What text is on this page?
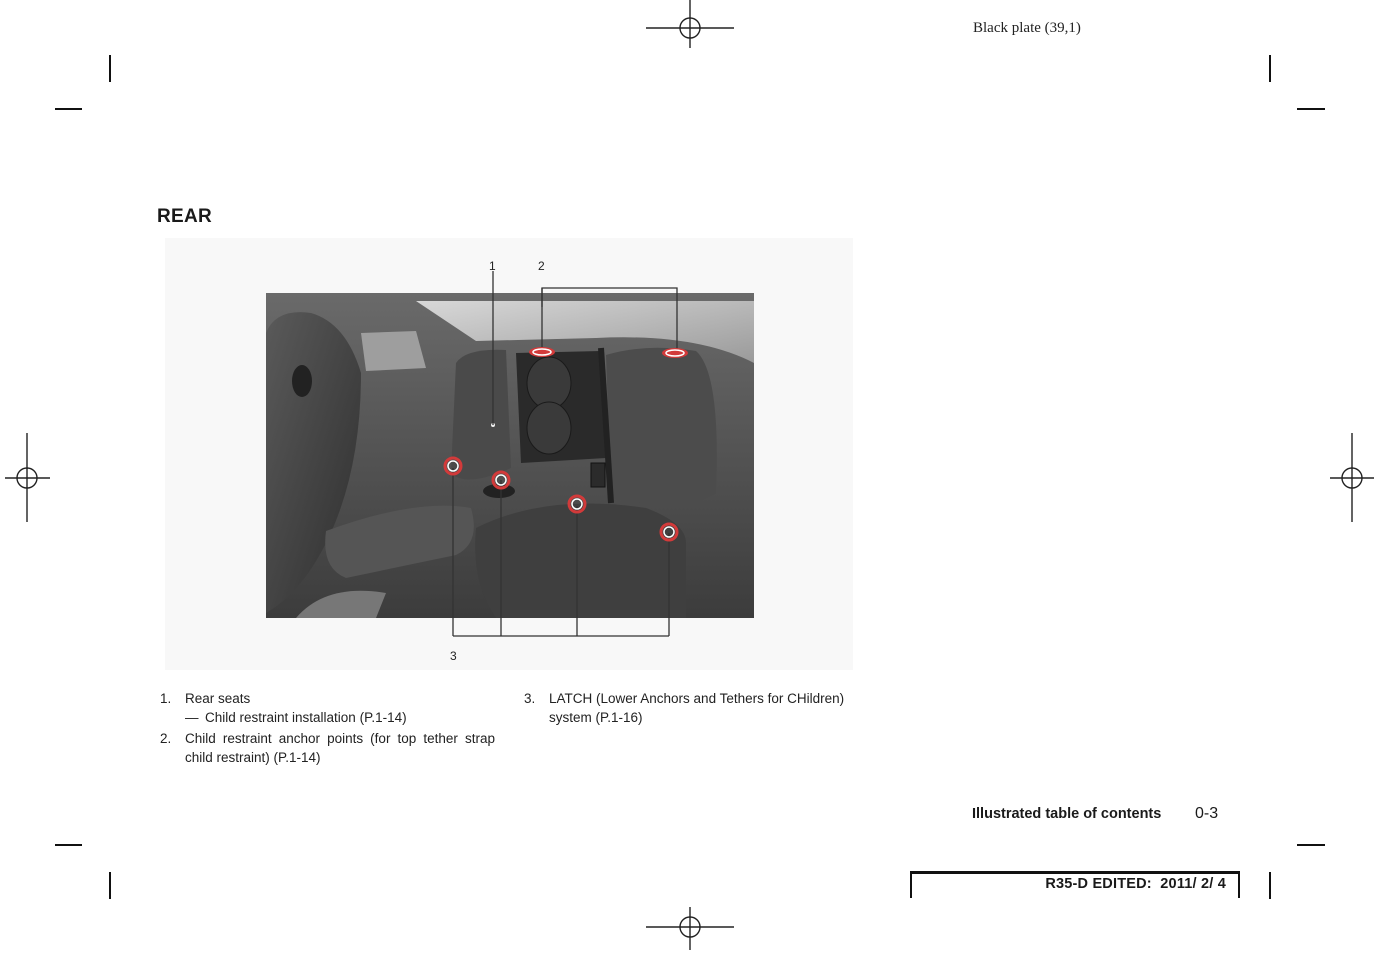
Black plate (39,1)
REAR
1	2
3
1. Rear seats
— Child restraint installation (P.1-14)
2. Child restraint anchor points (for top tether strap
child restraint) (P.1-14)
3. LATCH (Lower Anchors and Tethers for CHildren)
system (P.1-16)
Illustrated table of contents 0-3
R35-D EDITED:  2011/ 2/ 4
